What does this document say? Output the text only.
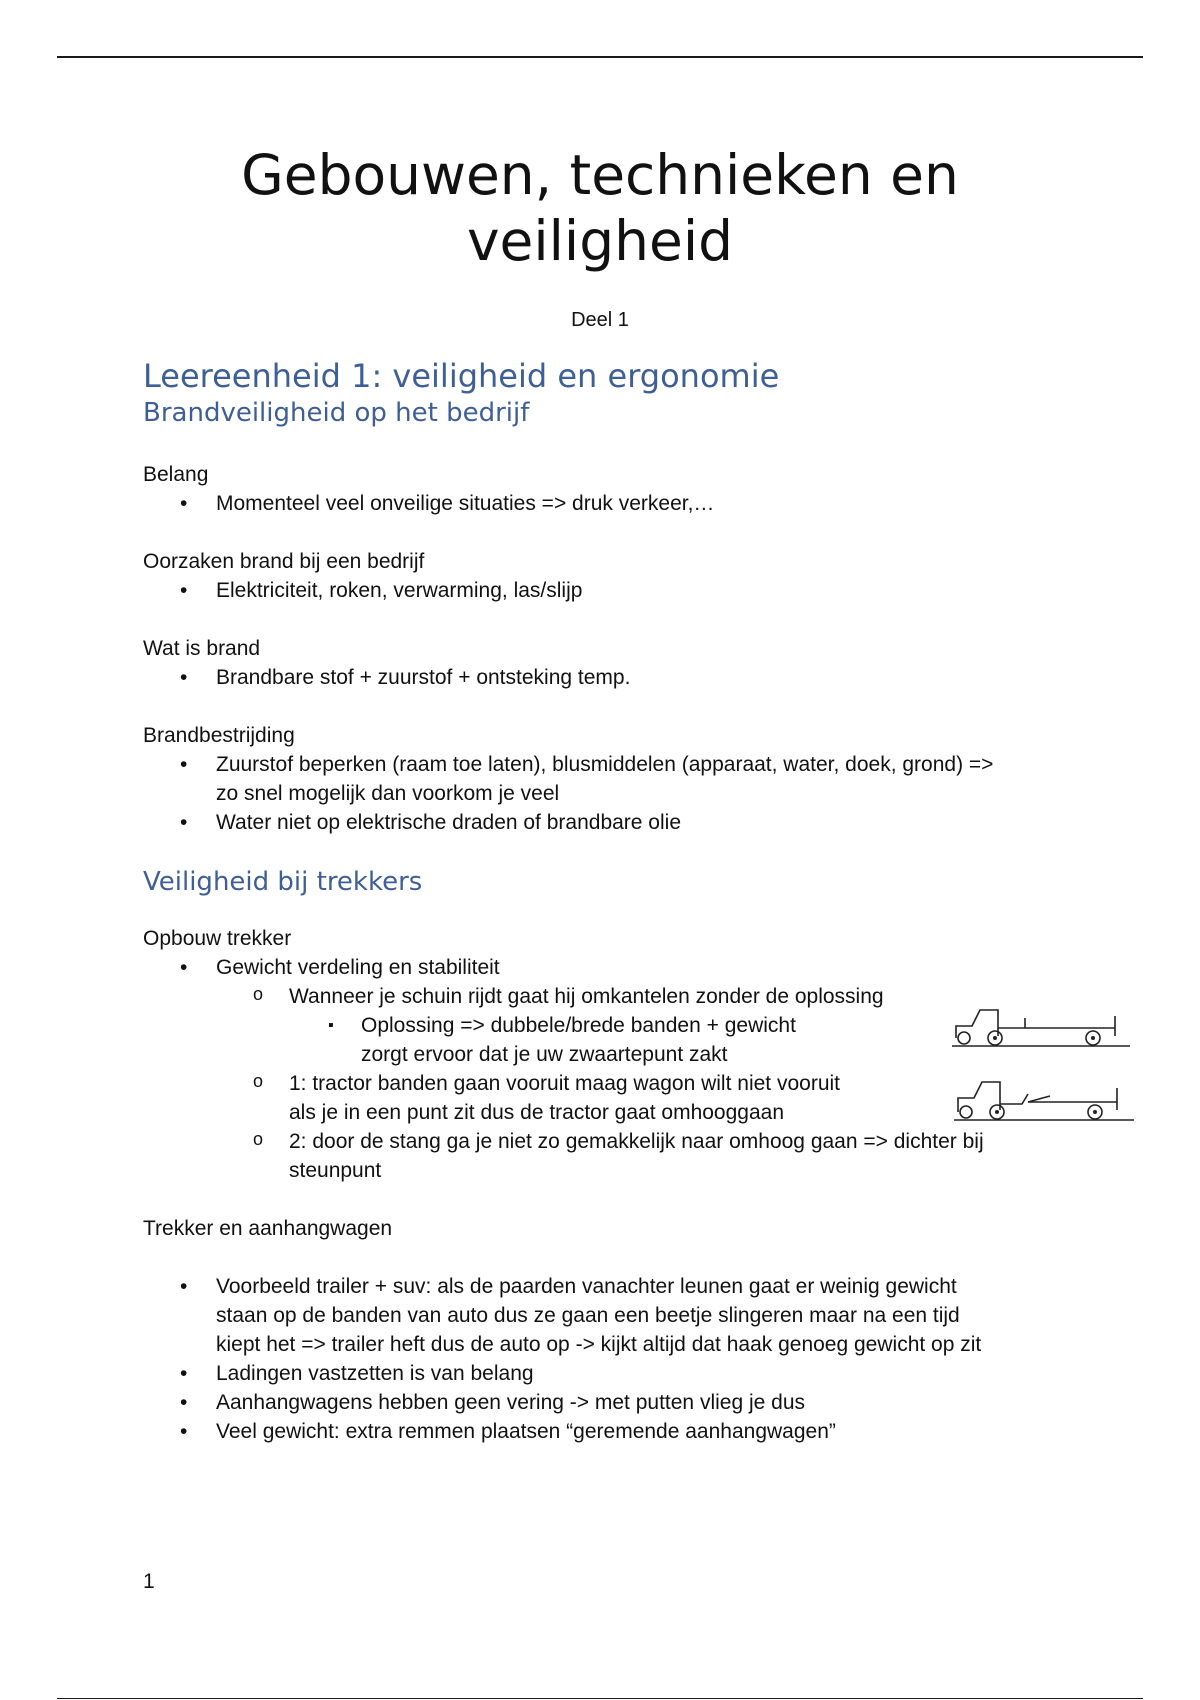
Gebouwen, technieken en
veiligheid
Deel 1
Leereenheid 1: veiligheid en ergonomie
Brandveiligheid op het bedrijf

Belang

• Momenteel veel onveilige situaties => druk verkeer,…

Oorzaken brand bij een bedrijf

• Elektriciteit, roken, verwarming, las/slijp

Wat is brand

• Brandbare stof + zuurstof + ontsteking temp.

Brandbestrijding

• Zuurstof beperken (raam toe laten), blusmiddelen (apparaat, water, doek, grond) => zo snel mogelijk dan voorkom je veel
• Water niet op elektrische draden of brandbare olie
Veiligheid bij trekkers

Opbouw trekker

• Gewicht verdeling en stabiliteit
o Wanneer je schuin rijdt gaat hij omkantelen zonder de oplossing
▪ Oplossing => dubbele/brede banden + gewicht zorgt ervoor dat je uw zwaartepunt zakt
o 1: tractor banden gaan vooruit maag wagon wilt niet vooruit als je in een punt zit dus de tractor gaat omhooggaan
o 2: door de stang ga je niet zo gemakkelijk naar omhoog gaan => dichter bij steunpunt

Trekker en aanhangwagen

• Voorbeeld trailer + suv: als de paarden vanachter leunen gaat er weinig gewicht staan op de banden van auto dus ze gaan een beetje slingeren maar na een tijd kiept het => trailer heft dus de auto op -> kijkt altijd dat haak genoeg gewicht op zit
• Ladingen vastzetten is van belang
• Aanhangwagens hebben geen vering -> met putten vlieg je dus
• Veel gewicht: extra remmen plaatsen “geremende aanhangwagen”
1
